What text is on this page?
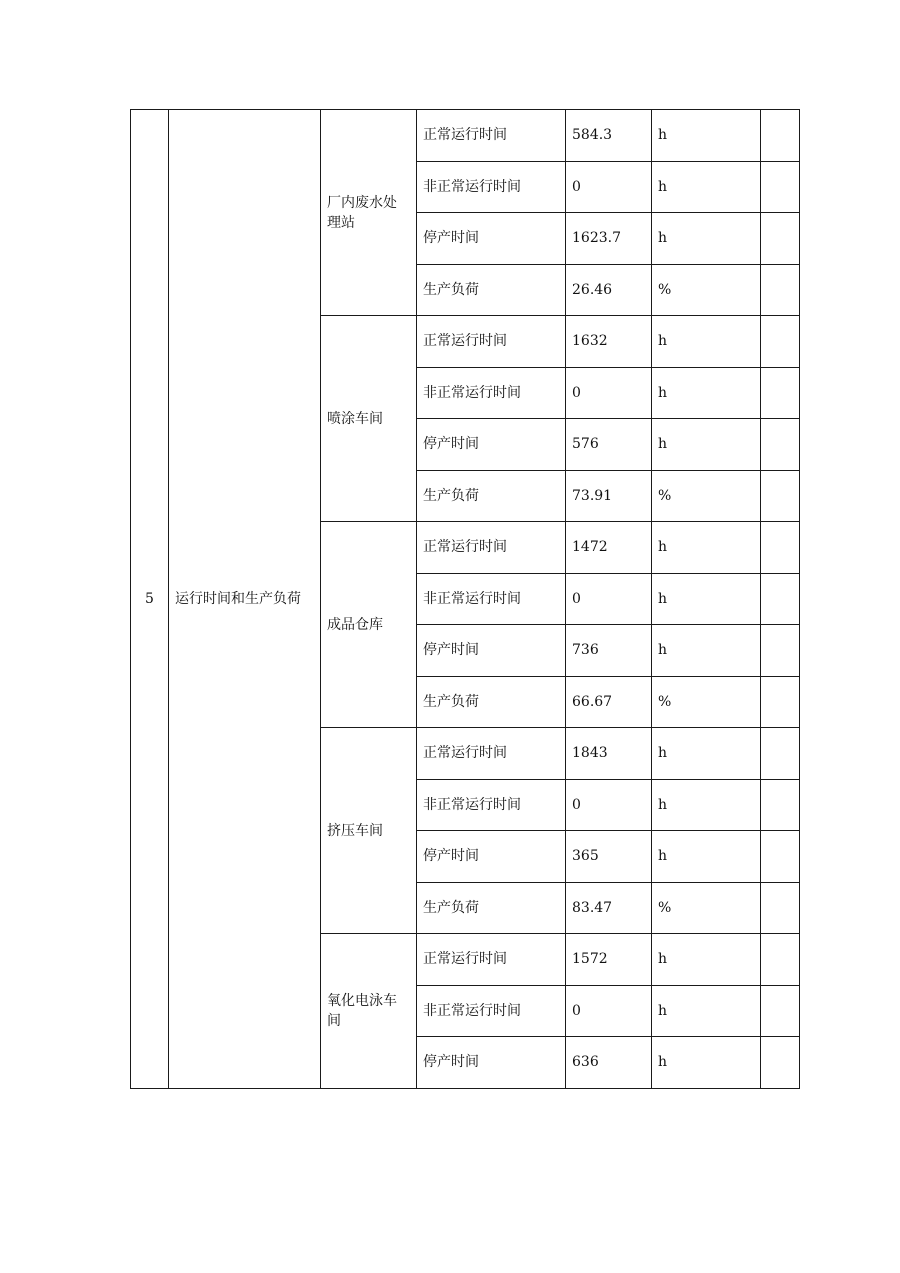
5	运行时间和生产负荷	厂内废水处理站	正常运行时间	584.3	h	
			非正常运行时间	0	h	
			停产时间	1623.7	h	
			生产负荷	26.46	%	
		喷涂车间	正常运行时间	1632	h	
			非正常运行时间	0	h	
			停产时间	576	h	
			生产负荷	73.91	%	
		成品仓库	正常运行时间	1472	h	
			非正常运行时间	0	h	
			停产时间	736	h	
			生产负荷	66.67	%	
		挤压车间	正常运行时间	1843	h	
			非正常运行时间	0	h	
			停产时间	365	h	
			生产负荷	83.47	%	
		氧化电泳车间	正常运行时间	1572	h	
			非正常运行时间	0	h	
			停产时间	636	h	
